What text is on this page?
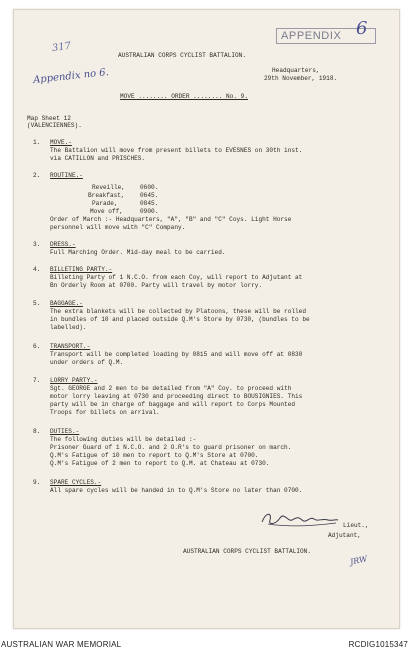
APPENDIX 6
317
Appendix no 6.
AUSTRALIAN CORPS CYCLIST BATTALION.
Headquarters,
29th November, 1918.
MOVE ........ ORDER ........ No. 9.
Map Sheet 12
(VALENCIENNES).
1. MOVE.-
The Battalion will move from present billets to EVESNES on 30th inst.
via CATILLON and PRISCHES.
2. ROUTINE.-
Reveille, 0600.
Breakfast,	0645.
Parade,	0845.
Move off,	0900.
Order of March :- Headquarters, "A", "B" and "C" Coys. Light Horse
personnel will move with "C" Company.
3. DRESS.-
Full Marching Order. Mid-day meal to be carried.
4. BILLETING PARTY.-
Billeting Party of 1 N.C.O. from each Coy, will report to Adjutant at
Bn Orderly Room at 0700. Party will travel by motor lorry.
5. BAGGAGE.-
The extra blankets will be collected by Platoons, these will be rolled
in bundles of 10 and placed outside Q.M's Store by 0730, (bundles to be
labelled).
6. TRANSPORT.-
Transport will be completed loading by 0815 and will move off at 0830
under orders of Q.M.
7. LORRY PARTY.-
Sgt. GEORGE and 2 men to be detailed from "A" Coy. to proceed with
motor lorry leaving at 0730 and proceeding direct to BOUSIGNIES. This
party will be in charge of baggage and will report to Corps Mounted
Troops for billets on arrival.
8. DUTIES.-
The following duties will be detailed :-
Prisoner Guard of 1 N.C.O. and 2 O.R's to guard prisoner on march.
Q.M's Fatigue of 10 men to report to Q.M's Store at 0700.
Q.M's Fatigue of 2 men to report to Q.M. at Chateau at 0730.
9. SPARE CYCLES.-
All spare cycles will be handed in to Q.M's Store no later than 0700.
Lieut.,
Adjutant,
AUSTRALIAN CORPS CYCLIST BATTALION.
JRW
AUSTRALIAN WAR MEMORIAL	RCDIG1015347
